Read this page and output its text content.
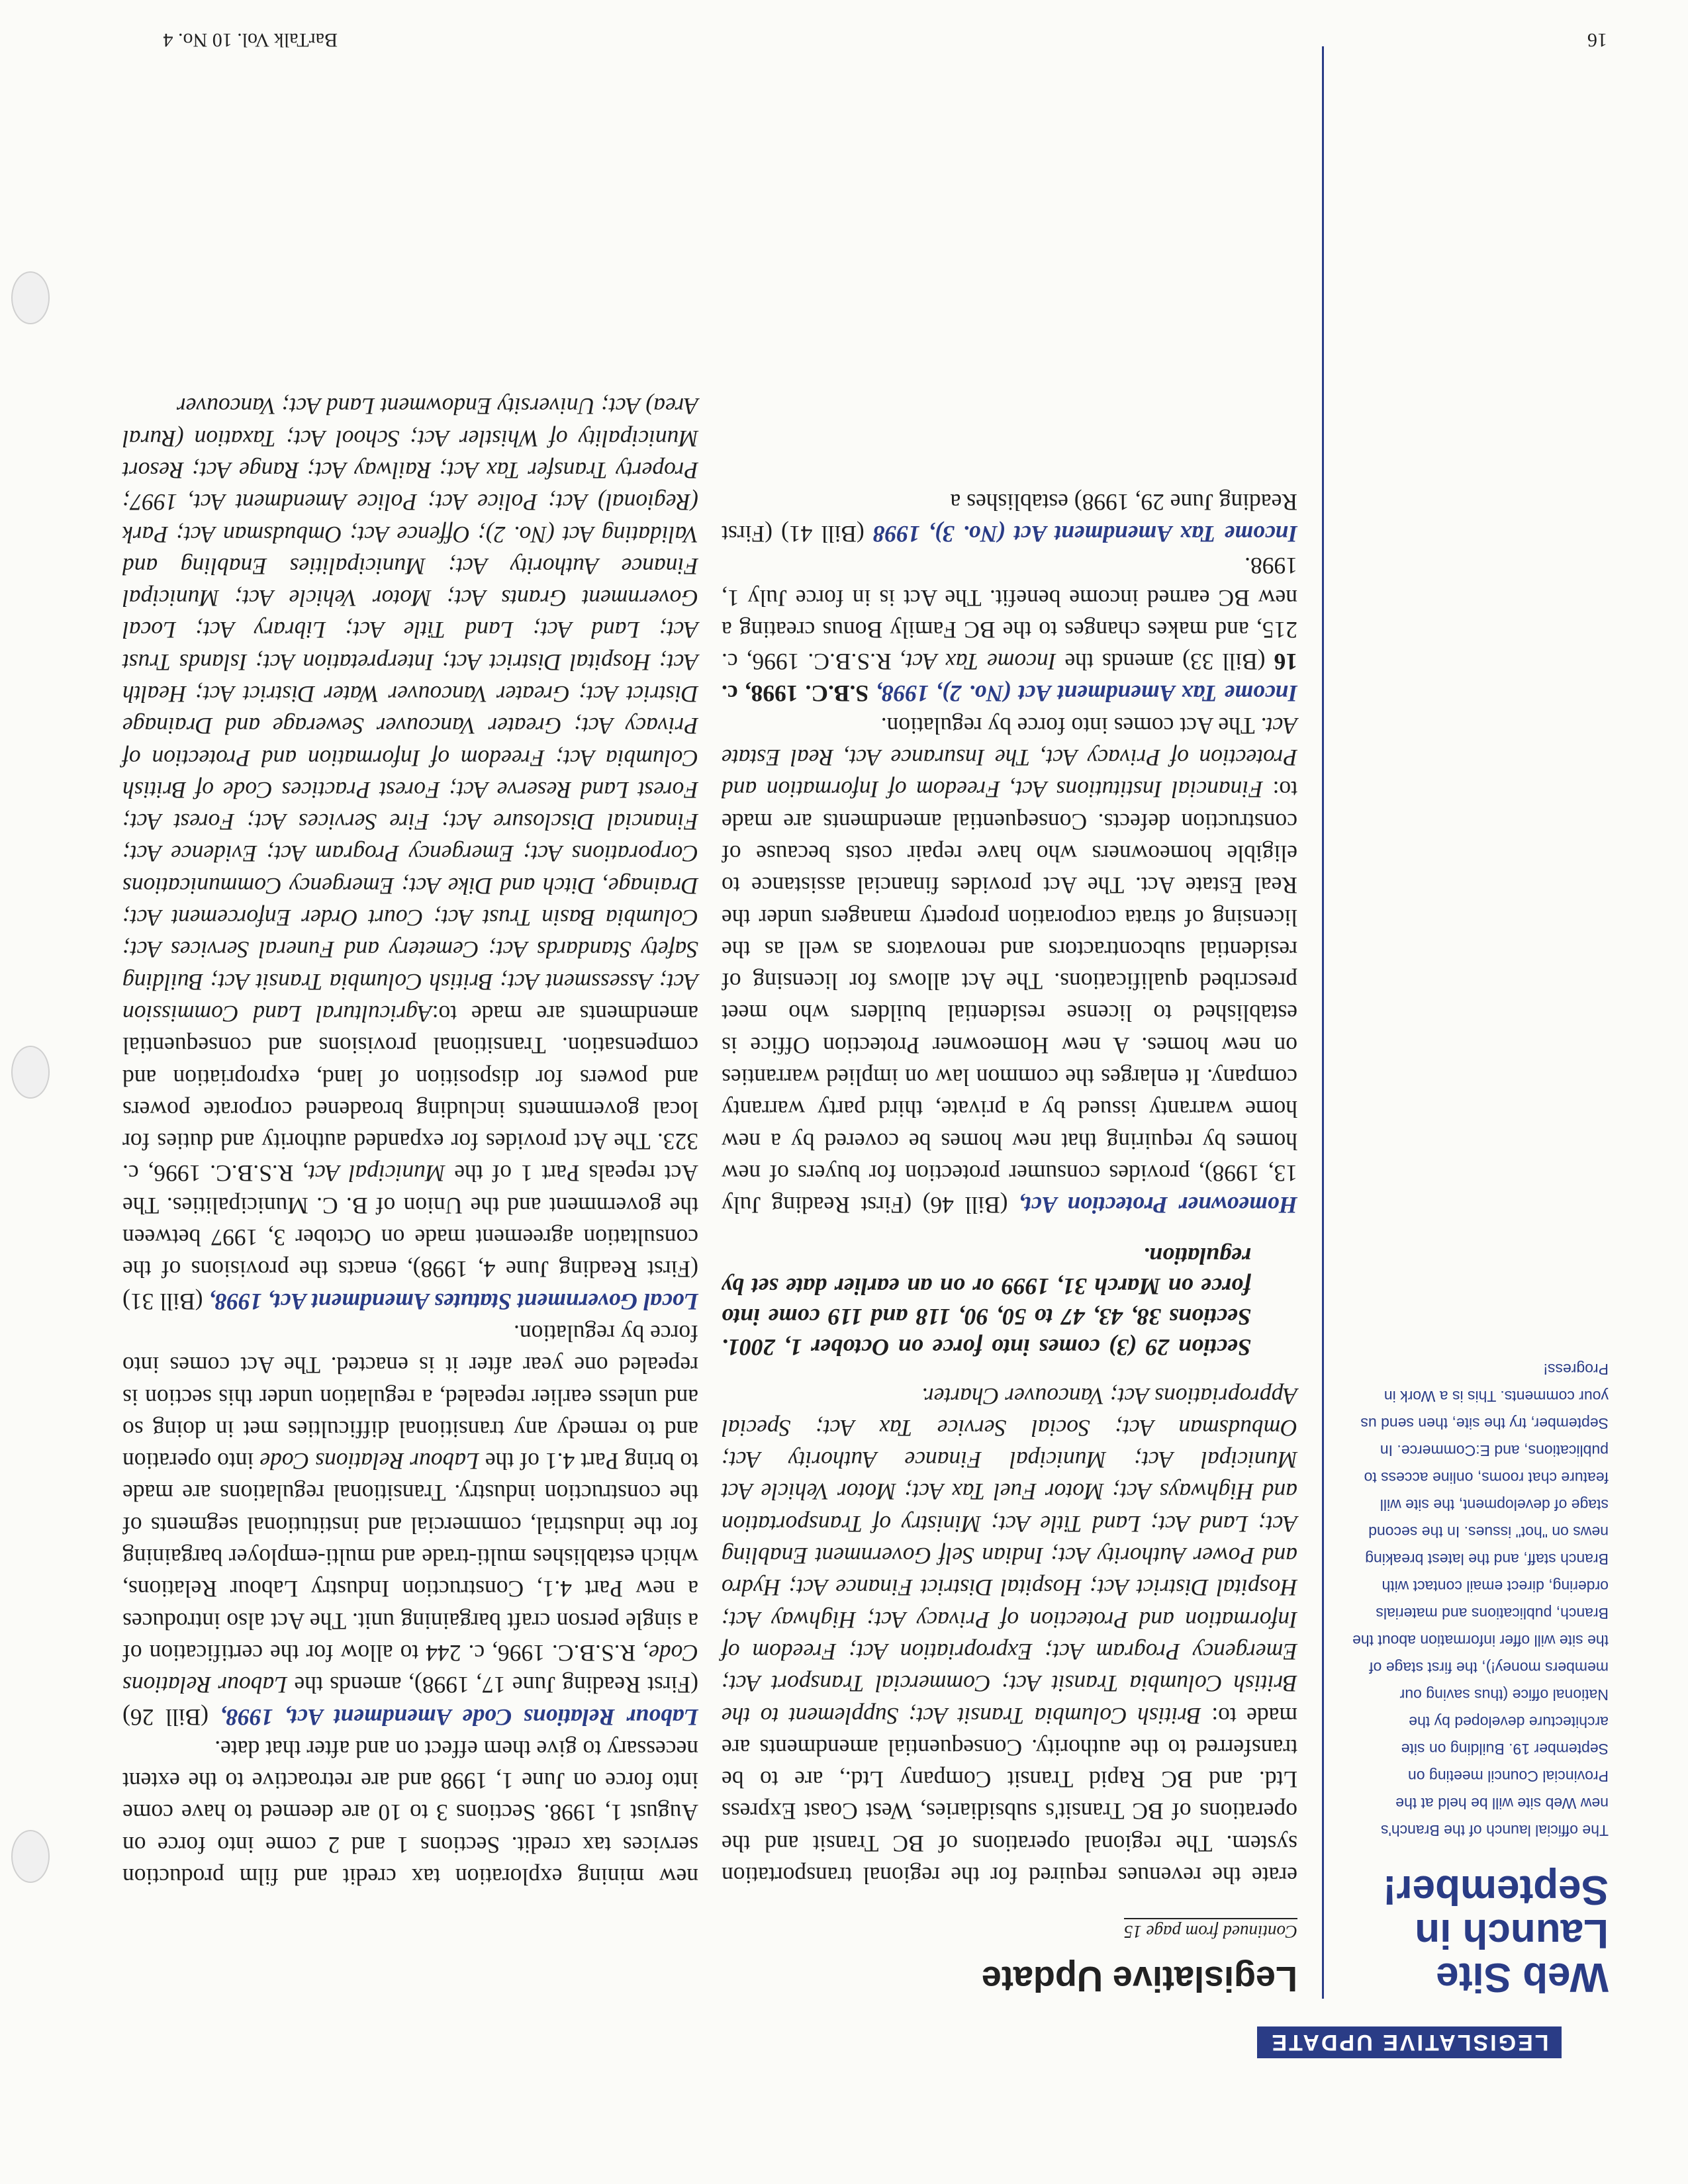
LEGISLATIVE UPDATE
Web Site Launch in September!

The official launch of the Branch's new Web site will be held at the Provincial Council meeting on September 19. Building on site architecture developed by the National office (thus saving our members money!), the first stage of the site will offer information about the Branch, publications and materials ordering, direct email contact with Branch staff, and the latest breaking news on "hot" issues. In the second stage of development, the site will feature chat rooms, online access to publications, and E:Commerce. In September, try the site, then send us your comments. This is a Work in Progress!

Legislative Update
Continued from page 15

erate the revenues required for the regional transportation system. The regional operations of BC Transit and the operations of BC Transit's subsidiaries, West Coast Express Ltd. and BC Rapid Transit Company Ltd., are to be transferred to the authority. Consequential amendments are made to: British Columbia Transit Act; Supplement to the British Columbia Transit Act; Commercial Transport Act; Emergency Program Act; Expropriation Act; Freedom of Information and Protection of Privacy Act; Highway Act; Hospital District Act; Hospital District Finance Act; Hydro and Power Authority Act; Indian Self Government Enabling Act; Land Act; Land Title Act; Ministry of Transportation and Highways Act; Motor Fuel Tax Act; Motor Vehicle Act Municipal Act; Municipal Finance Authority Act; Ombudsman Act; Social Service Tax Act; Special Appropriations Act; Vancouver Charter.

Section 29 (3) comes into force on October 1, 2001. Sections 38, 43, 47 to 50, 90, 118 and 119 come into force on March 31, 1999 or on an earlier date set by regulation.

Homeowner Protection Act, (Bill 46) (First Reading July 13, 1998), provides consumer protection for buyers of new homes by requiring that new homes be covered by a new home warranty issued by a private, third party warranty company. It enlarges the common law on implied warranties on new homes. A new Homeowner Protection Office is established to license residential builders who meet prescribed qualifications. The Act allows for licensing of residential subcontractors and renovators as well as the licensing of strata corporation property managers under the Real Estate Act. The Act provides financial assistance to eligible homeowners who have repair costs because of construction defects. Consequential amendments are made to: Financial Institutions Act, Freedom of Information and Protection of Privacy Act, The Insurance Act, Real Estate Act. The Act comes into force by regulation.

Income Tax Amendment Act (No. 2), 1998, S.B.C. 1998, c. 16 (Bill 33) amends the Income Tax Act, R.S.B.C. 1996, c. 215, and makes changes to the BC Family Bonus creating a new BC earned income benefit. The Act is in force July 1, 1998.

Income Tax Amendment Act (No. 3), 1998 (Bill 41) (First Reading June 29, 1998) establishes a

new mining exploration tax credit and film production services tax credit. Sections 1 and 2 come into force on August 1, 1998. Sections 3 to 10 are deemed to have come into force on June 1, 1998 and are retroactive to the extent necessary to give them effect on and after that date.

Labour Relations Code Amendment Act, 1998, (Bill 26) (First Reading June 17, 1998), amends the Labour Relations Code, R.S.B.C. 1996, c. 244 to allow for the certification of a single person craft bargaining unit. The Act also introduces a new Part 4.1, Construction Industry Labour Relations, which establishes multi-trade and multi-employer bargaining for the industrial, commercial and institutional segments of the construction industry. Transitional regulations are made to bring Part 4.1 of the Labour Relations Code into operation and to remedy any transitional difficulties met in doing so and unless earlier repealed, a regulation under this section is repealed one year after it is enacted. The Act comes into force by regulation.

Local Government Statutes Amendment Act, 1998, (Bill 31) (First Reading June 4, 1998), enacts the provisions of the consultation agreement made on October 3, 1997 between the government and the Union of B. C. Municipalities. The Act repeals Part 1 of the Municipal Act, R.S.B.C. 1996, c. 323. The Act provides for expanded authority and duties for local governments including broadened corporate powers and powers for disposition of land, expropriation and compensation. Transitional provisions and consequential amendments are made to:Agricultural Land Commission Act; Assessment Act; British Columbia Transit Act; Building Safety Standards Act; Cemetery and Funeral Services Act; Columbia Basin Trust Act; Court Order Enforcement Act; Drainage, Ditch and Dike Act; Emergency Communications Corporations Act; Emergency Program Act; Evidence Act; Financial Disclosure Act; Fire Services Act; Forest Act; Forest Land Reserve Act; Forest Practices Code of British Columbia Act; Freedom of Information and Protection of Privacy Act; Greater Vancouver Sewerage and Drainage District Act; Greater Vancouver Water District Act; Health Act; Hospital District Act; Interpretation Act; Islands Trust Act; Land Act; Land Title Act; Library Act; Local Government Grants Act; Motor Vehicle Act; Municipal Finance Authority Act; Municipalities Enabling and Validating Act (No. 2); Offence Act; Ombudsman Act; Park (Regional) Act; Police Act; Police Amendment Act, 1997; Property Transfer Tax Act; Railway Act; Range Act; Resort Municipality of Whistler Act; School Act; Taxation (Rural Area) Act; University Endowment Land Act; Vancouver

16
BarTalk Vol. 10 No. 4
